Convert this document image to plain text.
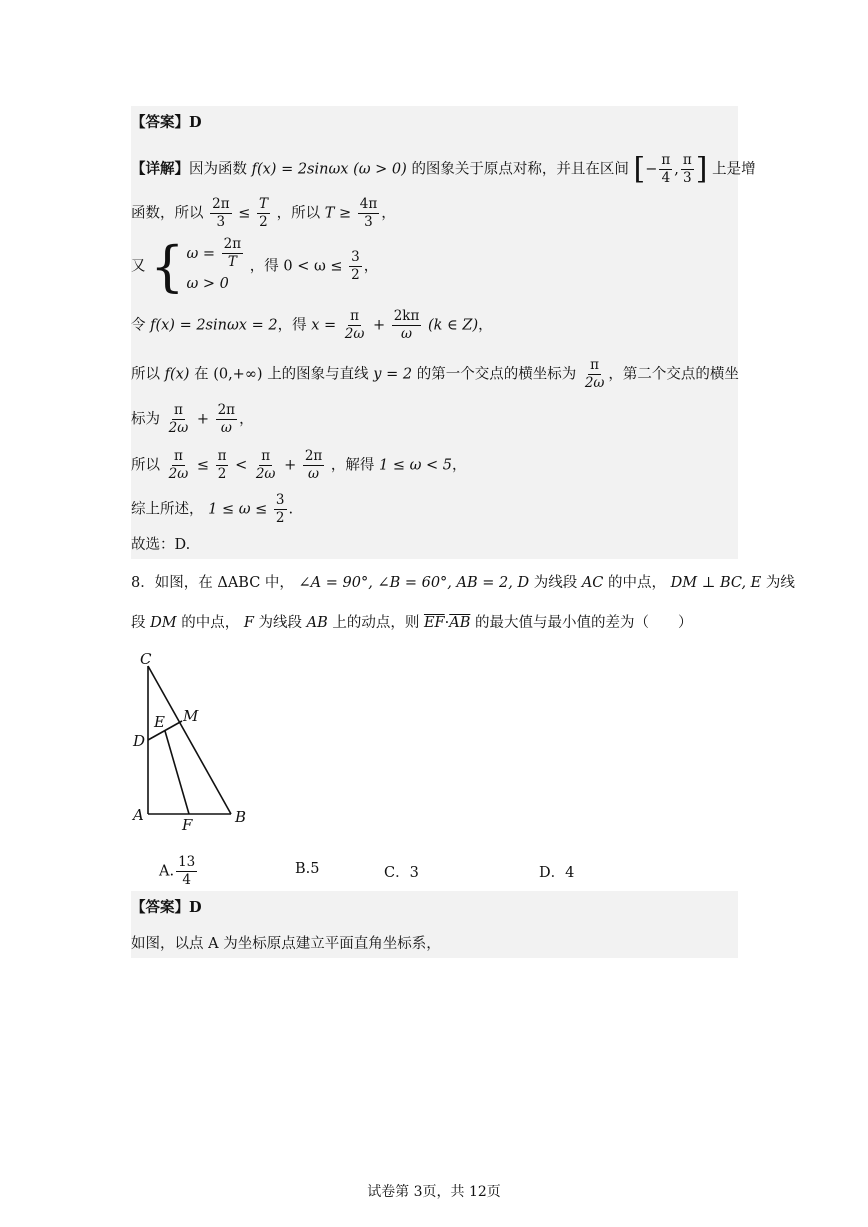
【答案】D
【详解】因为函数 f(x) = 2sinωx (ω > 0) 的图象关于原点对称，并且在区间 [− $\frac{\pi}{4}$ , $\frac{\pi}{3}$ ] 上是增
函数，所以 $\frac{2\pi}{3} \le \frac{T}{2}$ ，所以 $T \ge \frac{4\pi}{3}$ ，
又 { ω =
$\frac{2\pi}{T}$
ω > 0
，得 $0 < \omega \le \frac{3}{2}$ ，
令 f(x) = 2sinωx = 2，得 $x = \frac{\pi}{2\omega} + \frac{2k\pi}{\omega} (k$ ∈ Z)，
所以 f(x) 在 (0,+∞) 上的图象与直线 y = 2 的第一个交点的横坐标为 $\frac{\pi}{2\omega}$ ，第二个交点的横坐
标为 $\frac{\pi}{2\omega} + \frac{2\pi}{\omega}$ ，
所以 $\frac{\pi}{2\omega} \le \frac{\pi}{2} < \frac{\pi}{2\omega} + \frac{2\pi}{\omega}$ ，解得 1 ≤ ω < 5，
综上所述， $1 \le \omega \le \frac{3}{2}$ .
故选：D.
8．如图，在 ΔABC 中， ∠A = 90°, ∠B = 60°, AB = 2, D 为线段 AC 的中点， DM ⊥ BC, E 为线
段 DM 的中点， F 为线段 AB 上的动点，则 $\overline{EF}\cdot\overline{AB}$ 的最大值与最小值的差为（　　）
C
M
E
D
A
F	B
A. $\frac{13}{4}$	B.5	C．3	D．4
【答案】D
如图，以点 A 为坐标原点建立平面直角坐标系，
试卷第 3页，共 12页
